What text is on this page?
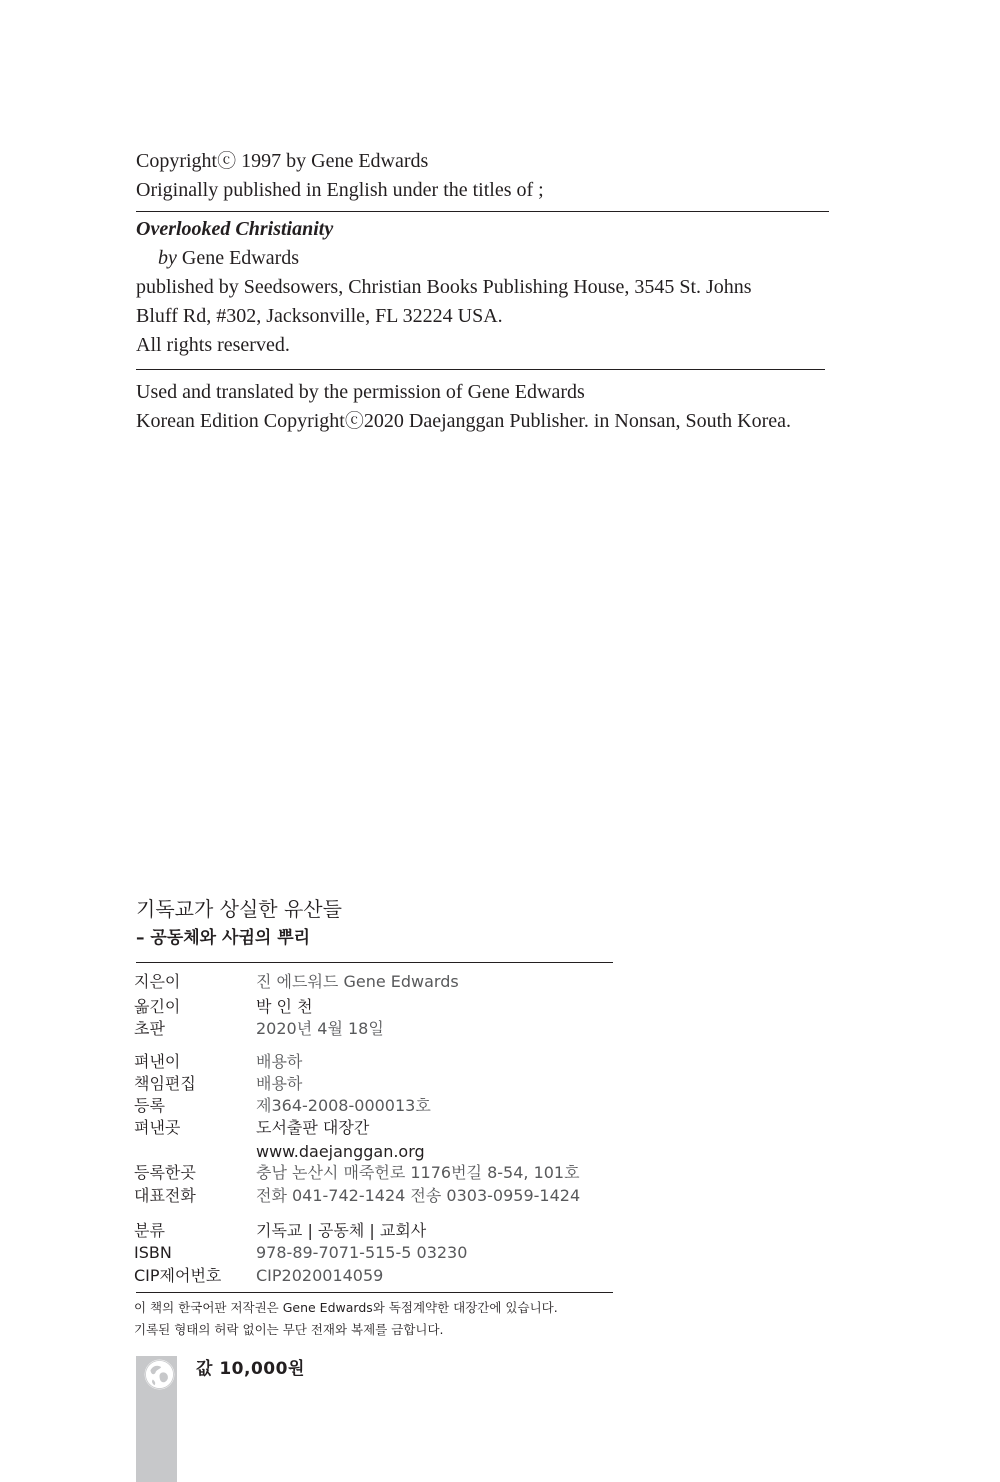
Copyrightⓒ 1997 by Gene Edwards
Originally published in English under the titles of ;
Overlooked Christianity
by Gene Edwards
published by Seedsowers, Christian Books Publishing House, 3545 St. Johns
Bluff Rd, #302, Jacksonville, FL 32224 USA.
All rights reserved.
Used and translated by the permission of Gene Edwards
Korean Edition Copyrightⓒ2020 Daejanggan Publisher. in Nonsan, South Korea.
기독교가 상실한 유산들
– 공동체와 사귐의 뿌리
지은이	진 에드워드 Gene Edwards
옮긴이	박 인 천
초판	2020년 4월 18일
펴낸이	배용하
책임편집	배용하
등록	제364-2008-000013호
펴낸곳	도서출판 대장간
www.daejanggan.org
등록한곳	충남 논산시 매죽헌로 1176번길 8-54, 101호
대표전화	전화 041-742-1424 전송 0303-0959-1424
분류	기독교 | 공동체 | 교회사
ISBN	978-89-7071-515-5 03230
CIP제어번호 CIP2020014059
이 책의 한국어판 저작권은 Gene Edwards와 독점계약한 대장간에 있습니다.
기록된 형태의 허락 없이는 무단 전재와 복제를 금합니다.
값 10,000원
